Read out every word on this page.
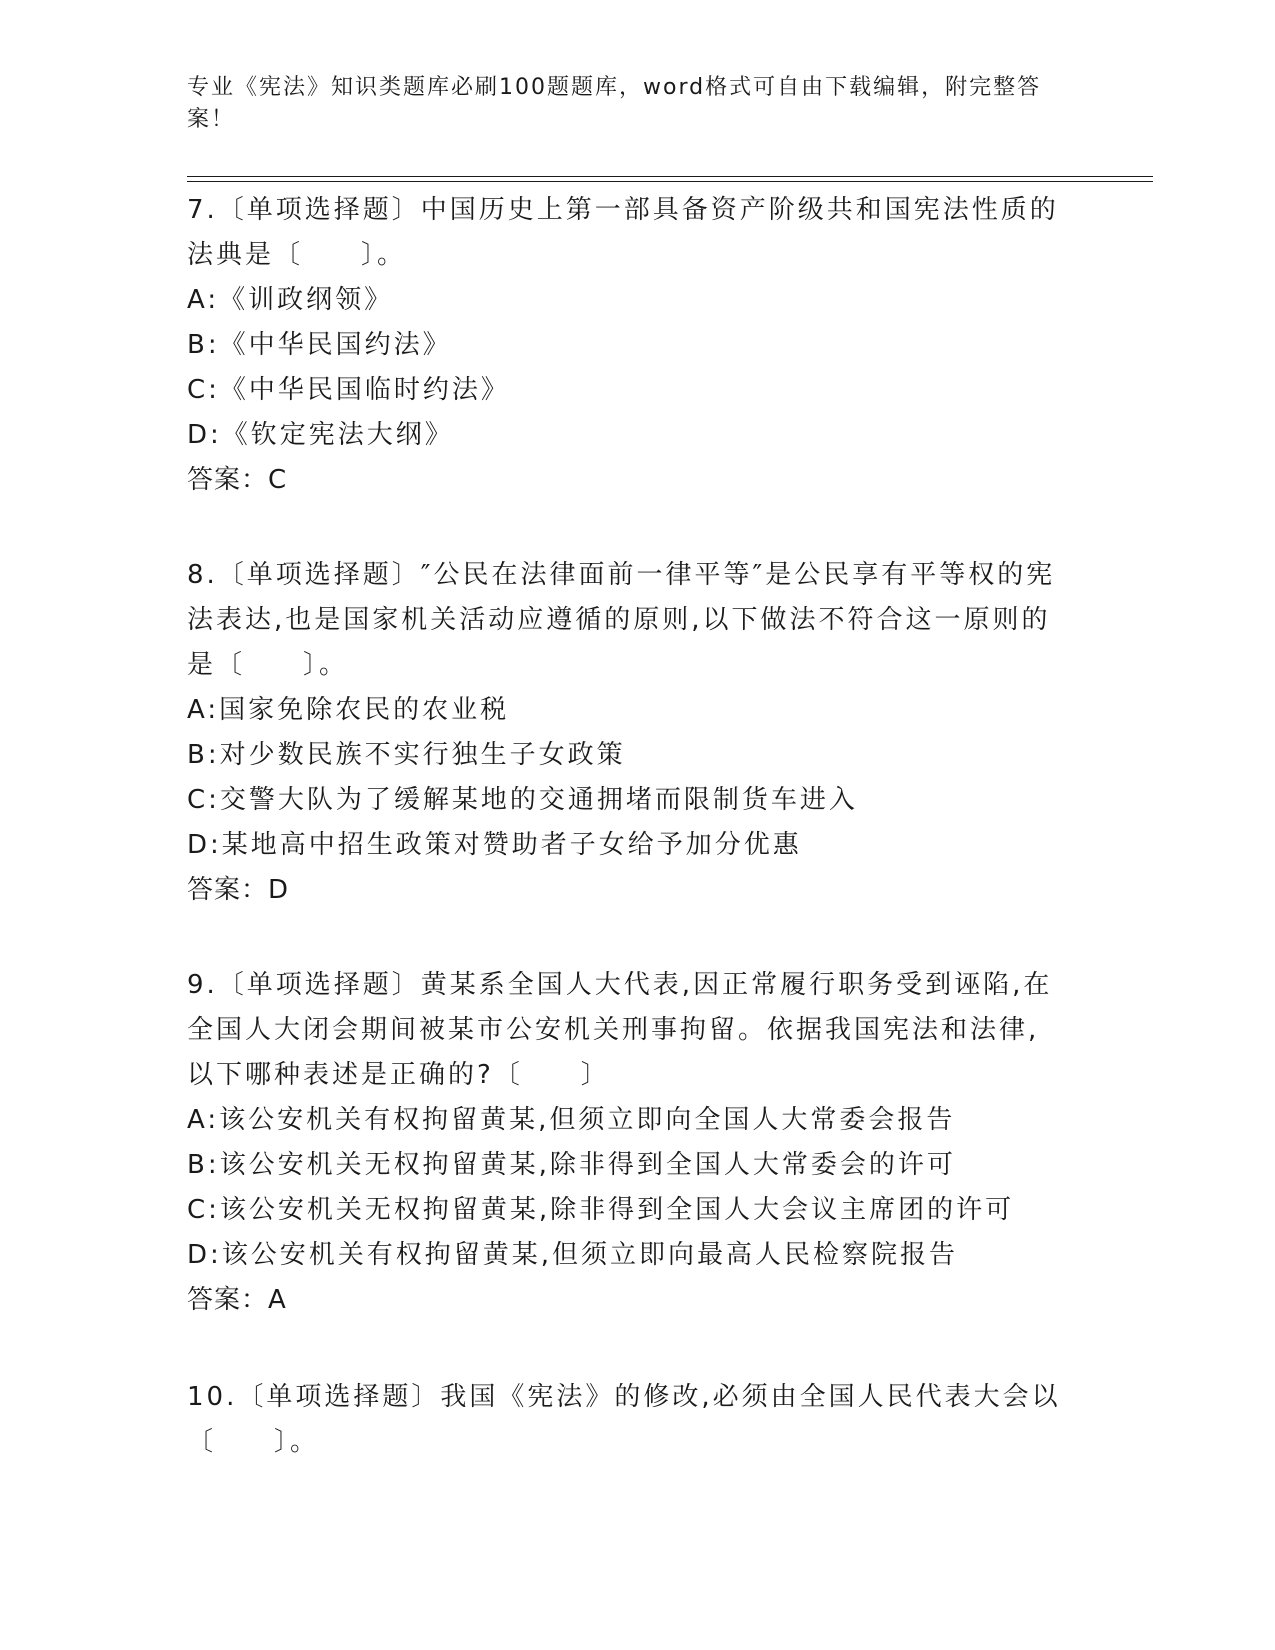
专业《宪法》知识类题库必刷100题题库，word格式可自由下载编辑，附完整答案！
7.〔单项选择题〕中国历史上第一部具备资产阶级共和国宪法性质的法典是〔　　〕。
A:《训政纲领》
B:《中华民国约法》
C:《中华民国临时约法》
D:《钦定宪法大纲》
答案：C
8.〔单项选择题〕″公民在法律面前一律平等″是公民享有平等权的宪法表达,也是国家机关活动应遵循的原则,以下做法不符合这一原则的是〔　　〕。
A:国家免除农民的农业税
B:对少数民族不实行独生子女政策
C:交警大队为了缓解某地的交通拥堵而限制货车进入
D:某地高中招生政策对赞助者子女给予加分优惠
答案：D
9.〔单项选择题〕黄某系全国人大代表,因正常履行职务受到诬陷,在全国人大闭会期间被某市公安机关刑事拘留。依据我国宪法和法律,以下哪种表述是正确的?〔　　〕
A:该公安机关有权拘留黄某,但须立即向全国人大常委会报告
B:该公安机关无权拘留黄某,除非得到全国人大常委会的许可
C:该公安机关无权拘留黄某,除非得到全国人大会议主席团的许可
D:该公安机关有权拘留黄某,但须立即向最高人民检察院报告
答案：A
10.〔单项选择题〕我国《宪法》的修改,必须由全国人民代表大会以〔　　〕。
